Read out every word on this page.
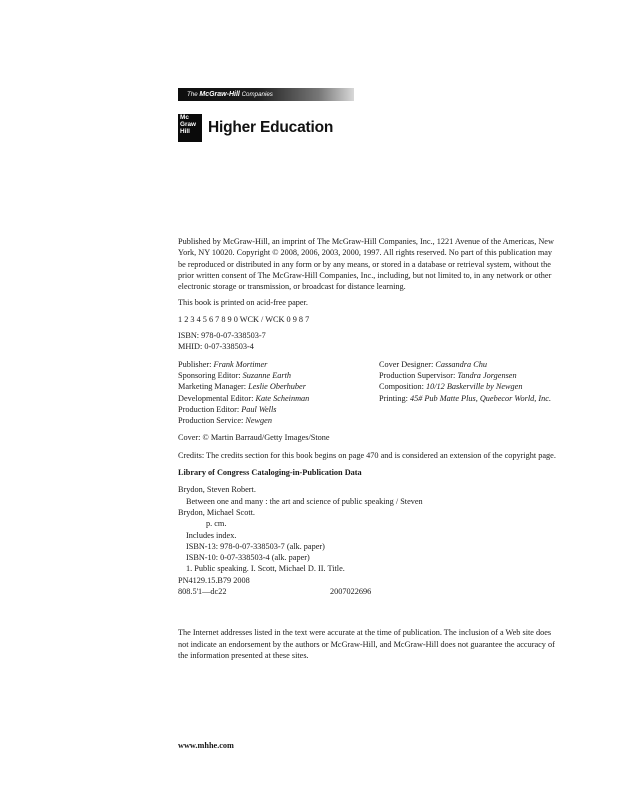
The McGraw-Hill Companies
Mc
Graw
Hill	Higher Education

Published by McGraw-Hill, an imprint of The McGraw-Hill Companies, Inc., 1221 Avenue of the Americas, New York, NY 10020. Copyright © 2008, 2006, 2003, 2000, 1997. All rights reserved. No part of this publication may be reproduced or distributed in any form or by any means, or stored in a database or retrieval system, without the prior written consent of The McGraw-Hill Companies, Inc., including, but not limited to, in any network or other electronic storage or transmission, or broadcast for distance learning.

This book is printed on acid-free paper.

1 2 3 4 5 6 7 8 9 0 WCK / WCK 0 9 8 7

ISBN: 978-0-07-338503-7

MHID: 0-07-338503-4

Publisher: Frank Mortimer

Sponsoring Editor: Suzanne Earth

Marketing Manager: Leslie Oberhuber

Developmental Editor: Kate Scheinman

Production Editor: Paul Wells

Production Service: Newgen

Cover Designer: Cassandra Chu

Production Supervisor: Tandra Jorgensen

Composition: 10/12 Baskerville by Newgen

Printing: 45# Pub Matte Plus, Quebecor World, Inc.

Cover: © Martin Barraud/Getty Images/Stone

Credits: The credits section for this book begins on page 470 and is considered an extension of the copyright page.

Library of Congress Cataloging-in-Publication Data

Brydon, Steven Robert.

Between one and many : the art and science of public speaking / Steven

Brydon, Michael Scott.

p. cm.

Includes index.

ISBN-13: 978-0-07-338503-7 (alk. paper)

ISBN-10: 0-07-338503-4 (alk. paper)

1. Public speaking. I. Scott, Michael D. II. Title.

PN4129.15.B79 2008

808.5'1—dc22	2007022696

The Internet addresses listed in the text were accurate at the time of publication. The inclusion of a Web site does not indicate an endorsement by the authors or McGraw-Hill, and McGraw-Hill does not guarantee the accuracy of the information presented at these sites.

www.mhhe.com
